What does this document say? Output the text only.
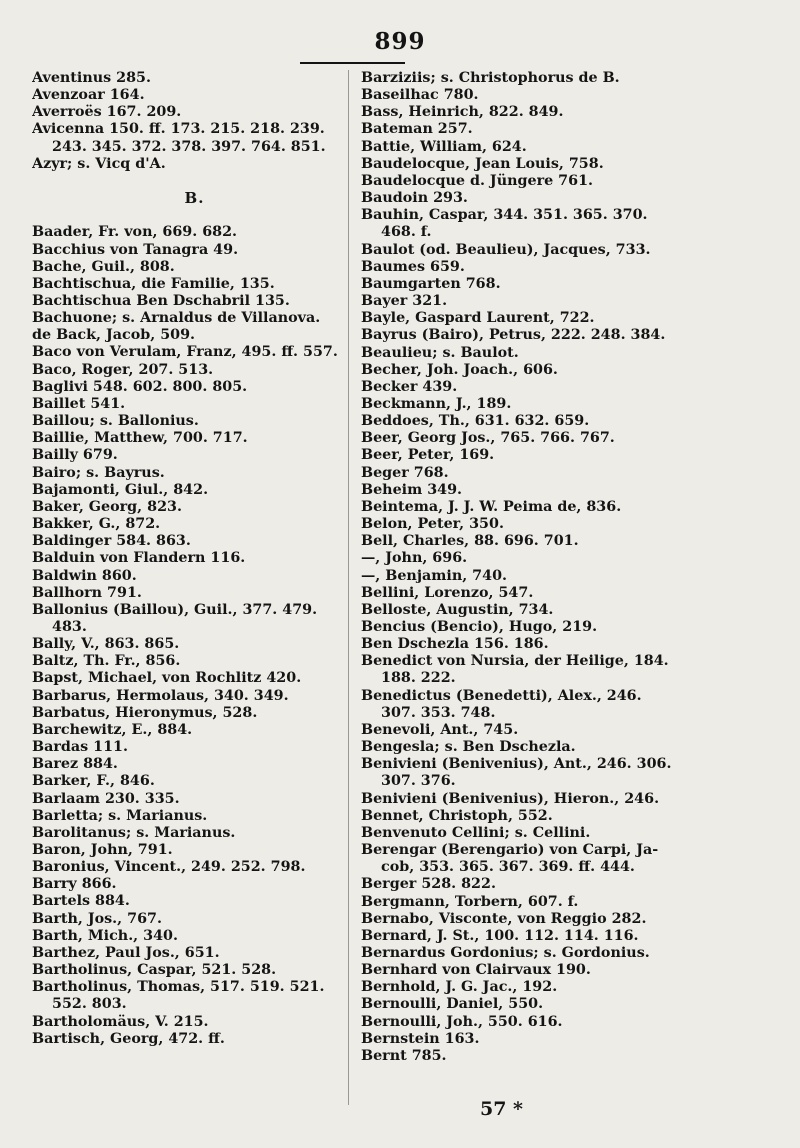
899
Aventinus 285.
Avenzoar 164.
Averroës 167. 209.
Avicenna 150. ff. 173. 215. 218. 239.
243. 345. 372. 378. 397. 764. 851.
Azyr; s. Vicq d'A.
B.
Baader, Fr. von, 669. 682.
Bacchius von Tanagra 49.
Bache, Guil., 808.
Bachtischua, die Familie, 135.
Bachtischua Ben Dschabril 135.
Bachuone; s. Arnaldus de Villanova.
de Back, Jacob, 509.
Baco von Verulam, Franz, 495. ff. 557.
Baco, Roger, 207. 513.
Baglivi 548. 602. 800. 805.
Baillet 541.
Baillou; s. Ballonius.
Baillie, Matthew, 700. 717.
Bailly 679.
Bairo; s. Bayrus.
Bajamonti, Giul., 842.
Baker, Georg, 823.
Bakker, G., 872.
Baldinger 584. 863.
Balduin von Flandern 116.
Baldwin 860.
Ballhorn 791.
Ballonius (Baillou), Guil., 377. 479.
483.
Bally, V., 863. 865.
Baltz, Th. Fr., 856.
Bapst, Michael, von Rochlitz 420.
Barbarus, Hermolaus, 340. 349.
Barbatus, Hieronymus, 528.
Barchewitz, E., 884.
Bardas 111.
Barez 884.
Barker, F., 846.
Barlaam 230. 335.
Barletta; s. Marianus.
Barolitanus; s. Marianus.
Baron, John, 791.
Baronius, Vincent., 249. 252. 798.
Barry 866.
Bartels 884.
Barth, Jos., 767.
Barth, Mich., 340.
Barthez, Paul Jos., 651.
Bartholinus, Caspar, 521. 528.
Bartholinus, Thomas, 517. 519. 521.
552. 803.
Bartholomäus, V. 215.
Bartisch, Georg, 472. ff.
Barziziis; s. Christophorus de B.
Baseilhac 780.
Bass, Heinrich, 822. 849.
Bateman 257.
Battie, William, 624.
Baudelocque, Jean Louis, 758.
Baudelocque d. Jüngere 761.
Baudoin 293.
Bauhin, Caspar, 344. 351. 365. 370.
468. f.
Baulot (od. Beaulieu), Jacques, 733.
Baumes 659.
Baumgarten 768.
Bayer 321.
Bayle, Gaspard Laurent, 722.
Bayrus (Bairo), Petrus, 222. 248. 384.
Beaulieu; s. Baulot.
Becher, Joh. Joach., 606.
Becker 439.
Beckmann, J., 189.
Beddoes, Th., 631. 632. 659.
Beer, Georg Jos., 765. 766. 767.
Beer, Peter, 169.
Beger 768.
Beheim 349.
Beintema, J. J. W. Peima de, 836.
Belon, Peter, 350.
Bell, Charles, 88. 696. 701.
—, John, 696.
—, Benjamin, 740.
Bellini, Lorenzo, 547.
Belloste, Augustin, 734.
Bencius (Bencio), Hugo, 219.
Ben Dschezla 156. 186.
Benedict von Nursia, der Heilige, 184.
188. 222.
Benedictus (Benedetti), Alex., 246.
307. 353. 748.
Benevoli, Ant., 745.
Bengesla; s. Ben Dschezla.
Benivieni (Benivenius), Ant., 246. 306.
307. 376.
Benivieni (Benivenius), Hieron., 246.
Bennet, Christoph, 552.
Benvenuto Cellini; s. Cellini.
Berengar (Berengario) von Carpi, Ja-
cob, 353. 365. 367. 369. ff. 444.
Berger 528. 822.
Bergmann, Torbern, 607. f.
Bernabo, Visconte, von Reggio 282.
Bernard, J. St., 100. 112. 114. 116.
Bernardus Gordonius; s. Gordonius.
Bernhard von Clairvaux 190.
Bernhold, J. G. Jac., 192.
Bernoulli, Daniel, 550.
Bernoulli, Joh., 550. 616.
Bernstein 163.
Bernt 785.
57 *
